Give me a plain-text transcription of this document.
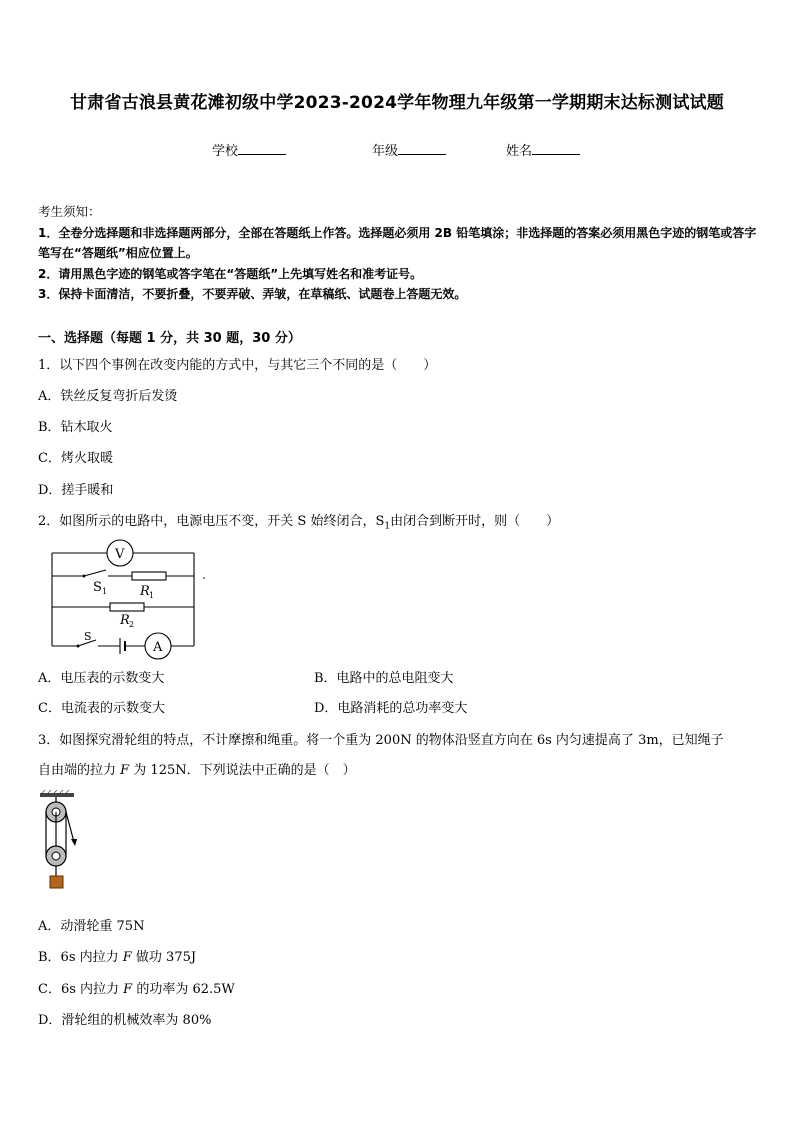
甘肃省古浪县黄花滩初级中学2023-2024学年物理九年级第一学期期末达标测试试题
学校	年级	姓名
考生须知：
1．全卷分选择题和非选择题两部分，全部在答题纸上作答。选择题必须用 2B 铅笔填涂；非选择题的答案必须用黑色字迹的钢笔或答字笔写在“答题纸”相应位置上。
2．请用黑色字迹的钢笔或答字笔在“答题纸”上先填写姓名和准考证号。
3．保持卡面清洁，不要折叠，不要弄破、弄皱，在草稿纸、试题卷上答题无效。
一、选择题（每题 1 分，共 30 题，30 分）
1．以下四个事例在改变内能的方式中，与其它三个不同的是（　　）
A．铁丝反复弯折后发烫
B．钻木取火
C．烤火取暖
D．搓手暖和
2．如图所示的电路中，电源电压不变，开关 S 始终闭合，$S_1$由闭合到断开时，则（　　）
V
A
S 1	R 1
R 2
S
A．电压表的示数变大	B．电路中的总电阻变大
C．电流表的示数变大	D．电路消耗的总功率变大
3．如图探究滑轮组的特点，不计摩擦和绳重。将一个重为 200N 的物体沿竖直方向在 6s 内匀速提高了 3m，已知绳子
自由端的拉力 F 为 125N．下列说法中正确的是（　）
A．动滑轮重 75N
B．6s 内拉力 F 做功 375J
C．6s 内拉力 F 的功率为 62.5W
D．滑轮组的机械效率为 80%
